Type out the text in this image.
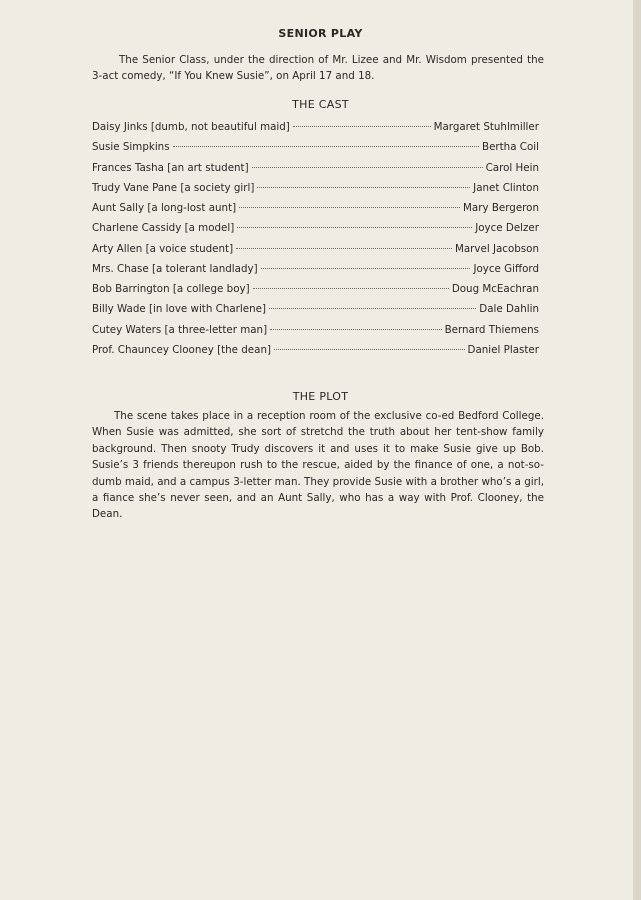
SENIOR PLAY
The Senior Class, under the direction of Mr. Lizee and Mr. Wisdom presented the 3-act comedy, “If You Knew Susie”, on April 17 and 18.
THE CAST
Daisy Jinks [dumb, not beautiful maid]	Margaret Stuhlmiller
Susie Simpkins	Bertha Coil
Frances Tasha [an art student]	Carol Hein
Trudy Vane Pane [a society girl]	Janet Clinton
Aunt Sally [a long-lost aunt]	Mary Bergeron
Charlene Cassidy [a model]	Joyce Delzer
Arty Allen [a voice student]	Marvel Jacobson
Mrs. Chase [a tolerant landlady]	Joyce Gifford
Bob Barrington [a college boy]	Doug McEachran
Billy Wade [in love with Charlene]	Dale Dahlin
Cutey Waters [a three-letter man]	Bernard Thiemens
Prof. Chauncey Clooney [the dean]	Daniel Plaster
THE PLOT
The scene takes place in a reception room of the exclusive co-ed Bedford College. When Susie was admitted, she sort of stretchd the truth about her tent-show family background. Then snooty Trudy discovers it and uses it to make Susie give up Bob. Susie’s 3 friends thereupon rush to the rescue, aided by the finance of one, a not-so-dumb maid, and a campus 3-letter man. They provide Susie with a brother who’s a girl, a fiance she’s never seen, and an Aunt Sally, who has a way with Prof. Clooney, the Dean.
